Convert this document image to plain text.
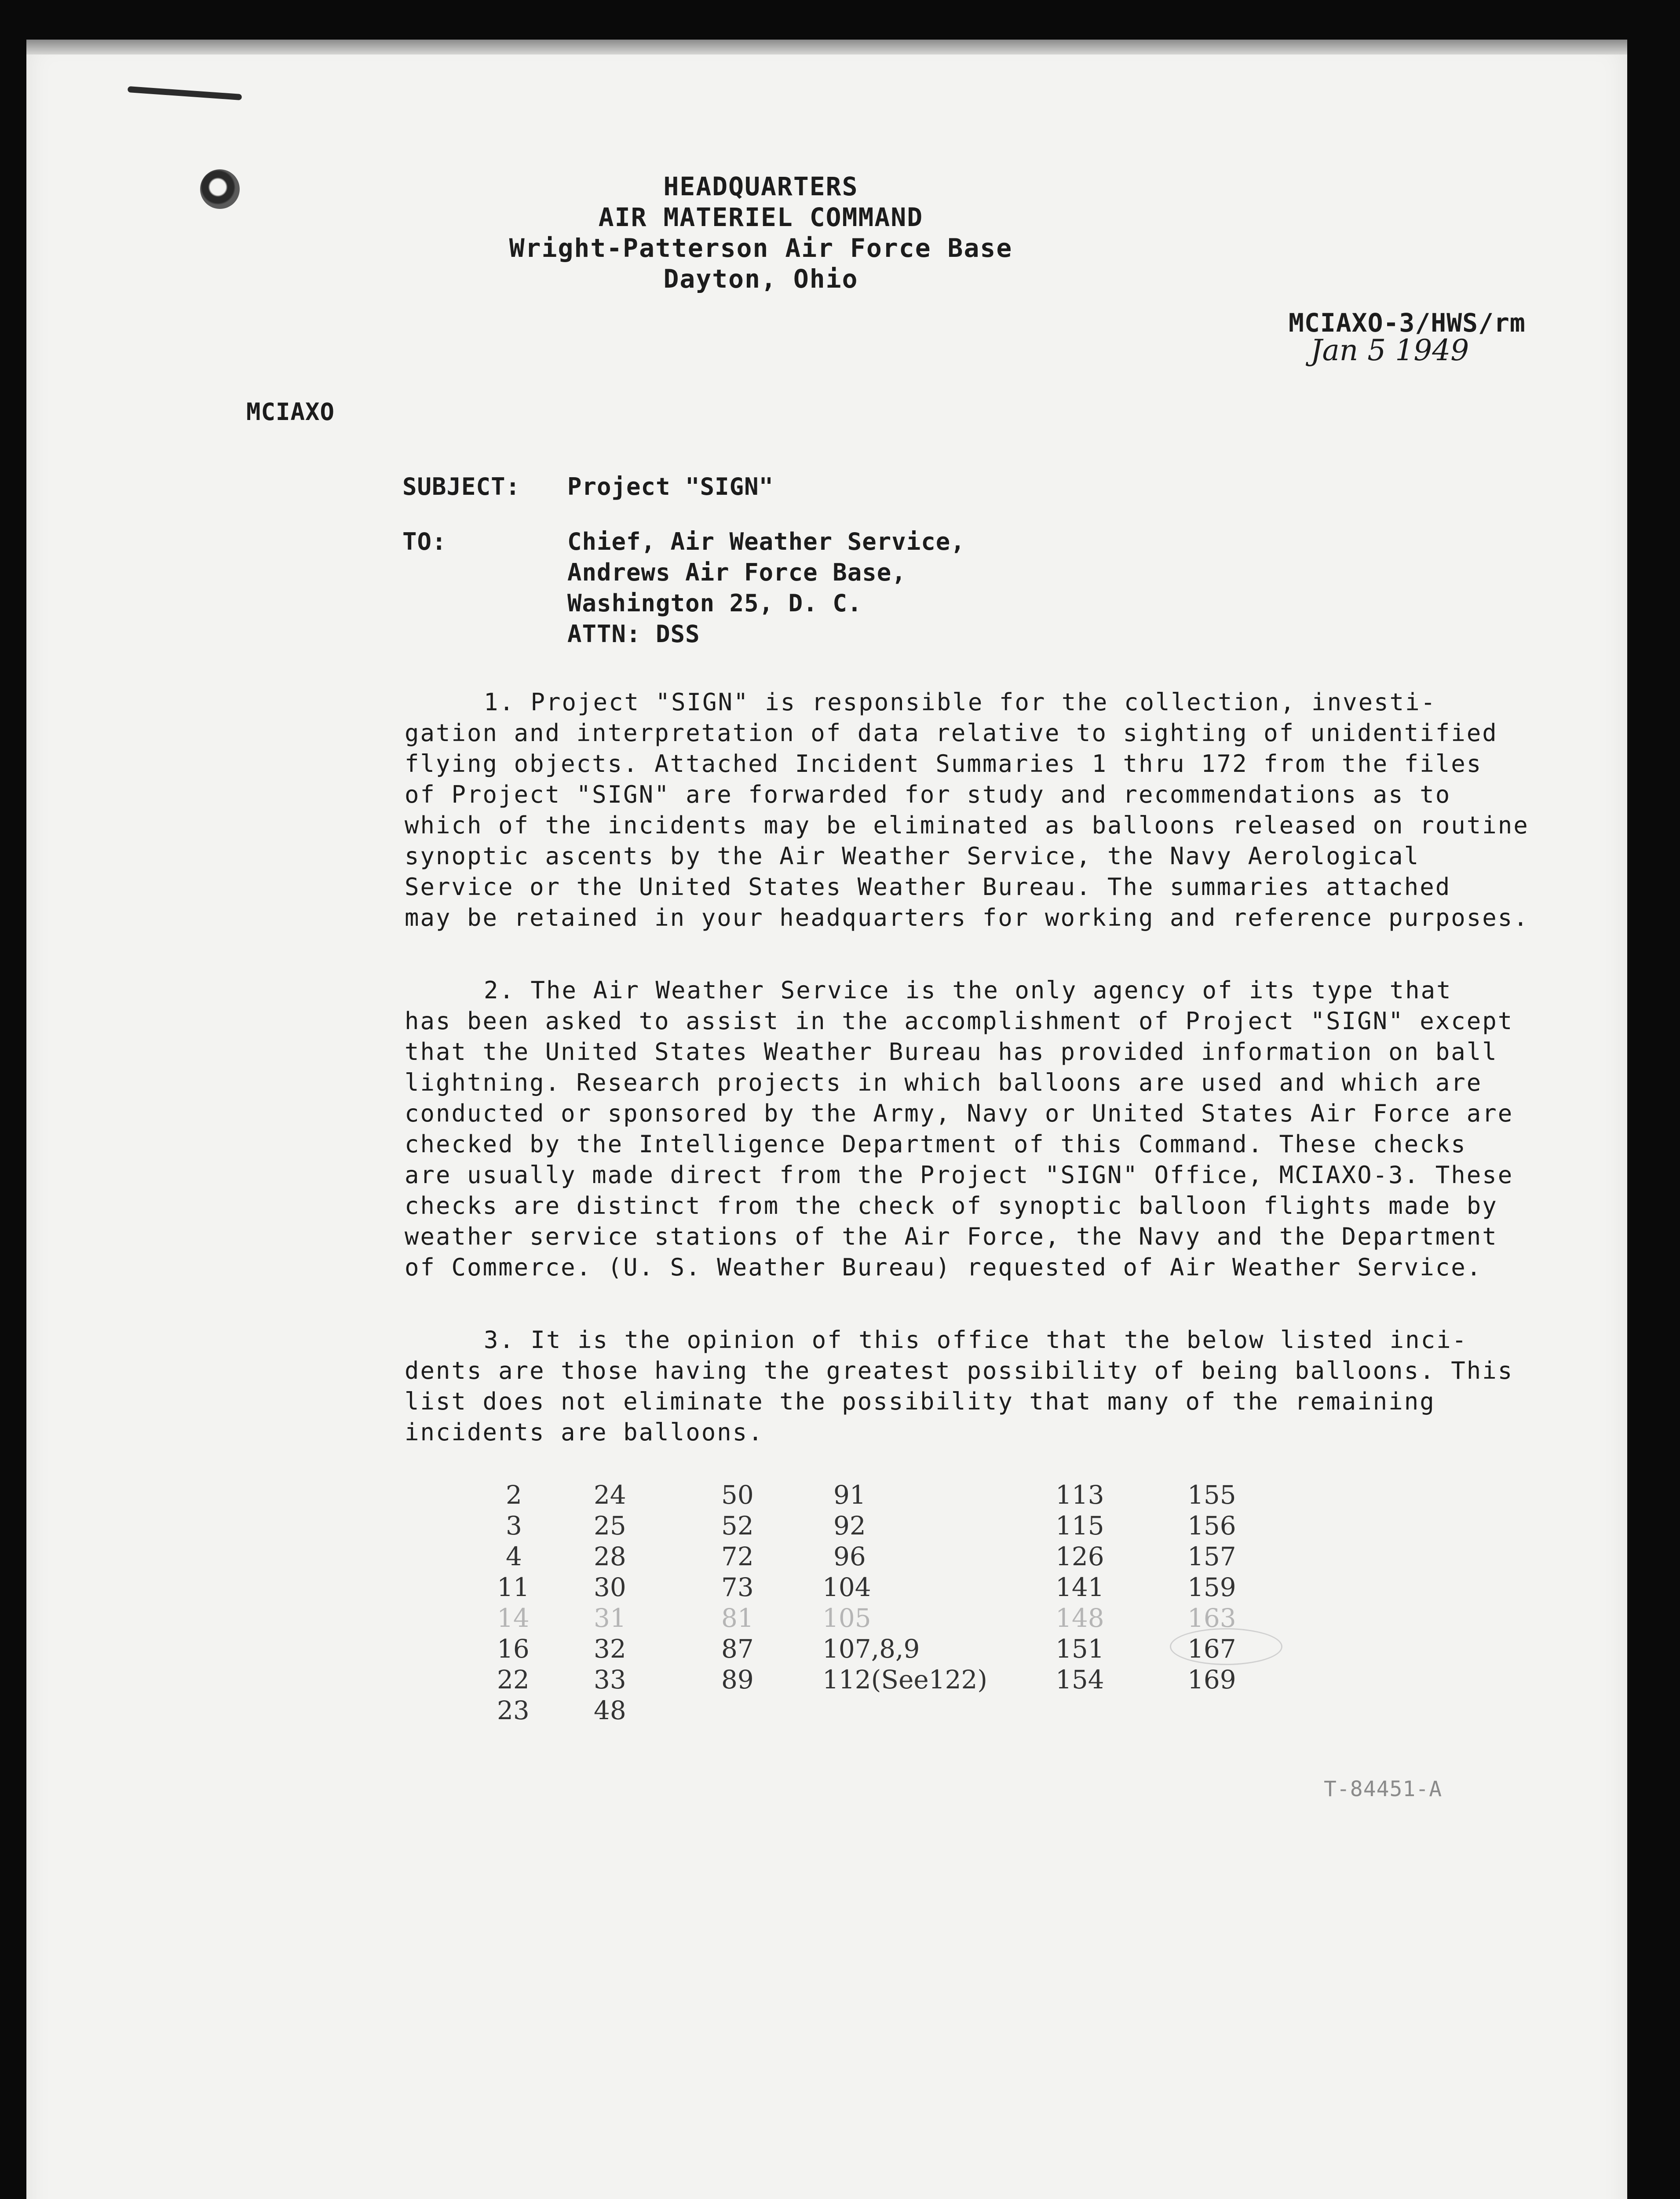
HEADQUARTERS
AIR MATERIEL COMMAND
Wright-Patterson Air Force Base
Dayton, Ohio
MCIAXO-3/HWS/rm
Jan 5 1949
MCIAXO
SUBJECT: Project "SIGN"
TO:	Chief, Air Weather Service,
Andrews Air Force Base,
Washington 25, D. C.
ATTN: DSS
1. Project "SIGN" is responsible for the collection, investi-
gation and interpretation of data relative to sighting of unidentified
flying objects. Attached Incident Summaries 1 thru 172 from the files
of Project "SIGN" are forwarded for study and recommendations as to
which of the incidents may be eliminated as balloons released on routine
synoptic ascents by the Air Weather Service, the Navy Aerological
Service or the United States Weather Bureau. The summaries attached
may be retained in your headquarters for working and reference purposes.
2. The Air Weather Service is the only agency of its type that
has been asked to assist in the accomplishment of Project "SIGN" except
that the United States Weather Bureau has provided information on ball
lightning. Research projects in which balloons are used and which are
conducted or sponsored by the Army, Navy or United States Air Force are
checked by the Intelligence Department of this Command. These checks
are usually made direct from the Project "SIGN" Office, MCIAXO-3. These
checks are distinct from the check of synoptic balloon flights made by
weather service stations of the Air Force, the Navy and the Department
of Commerce. (U. S. Weather Bureau) requested of Air Weather Service.
3. It is the opinion of this office that the below listed inci-
dents are those having the greatest possibility of being balloons. This
list does not eliminate the possibility that many of the remaining
incidents are balloons.
2
3
4
11
14
16
22
23
24
25
28
30
31
32
33
48
50
52
72
73
81
87
89
91
92
96
104
105
107,8,9
112(See122)
113
115
126
141
148
151
154
155
156
157
159
163
167
169
T-84451-A
